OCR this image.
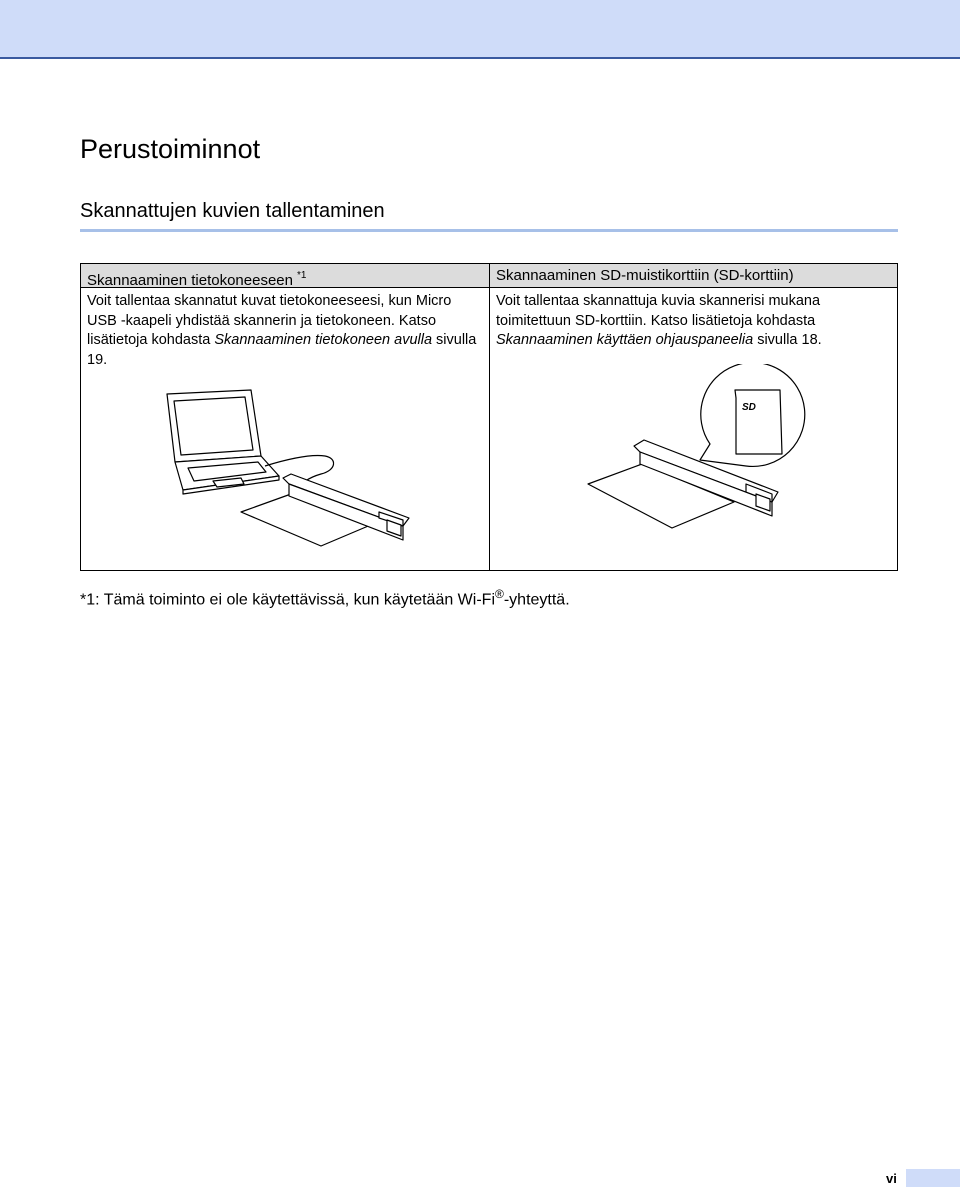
Perustoiminnot
Skannattujen kuvien tallentaminen
Skannaaminen tietokoneeseen $^{*1}$
Voit tallentaa skannatut kuvat tietokoneeseesi, kun Micro USB -kaapeli yhdistää skannerin ja tietokoneen. Katso lisätietoja kohdasta Skannaaminen tietokoneen avulla sivulla 19.
Skannaaminen SD-muistikorttiin (SD-korttiin)
Voit tallentaa skannattuja kuvia skannerisi mukana toimitettuun SD-korttiin. Katso lisätietoja kohdasta Skannaaminen käyttäen ohjauspaneelia sivulla 18.
SD
*1: Tämä toiminto ei ole käytettävissä, kun käytetään Wi-Fi®-yhteyttä.
vi
